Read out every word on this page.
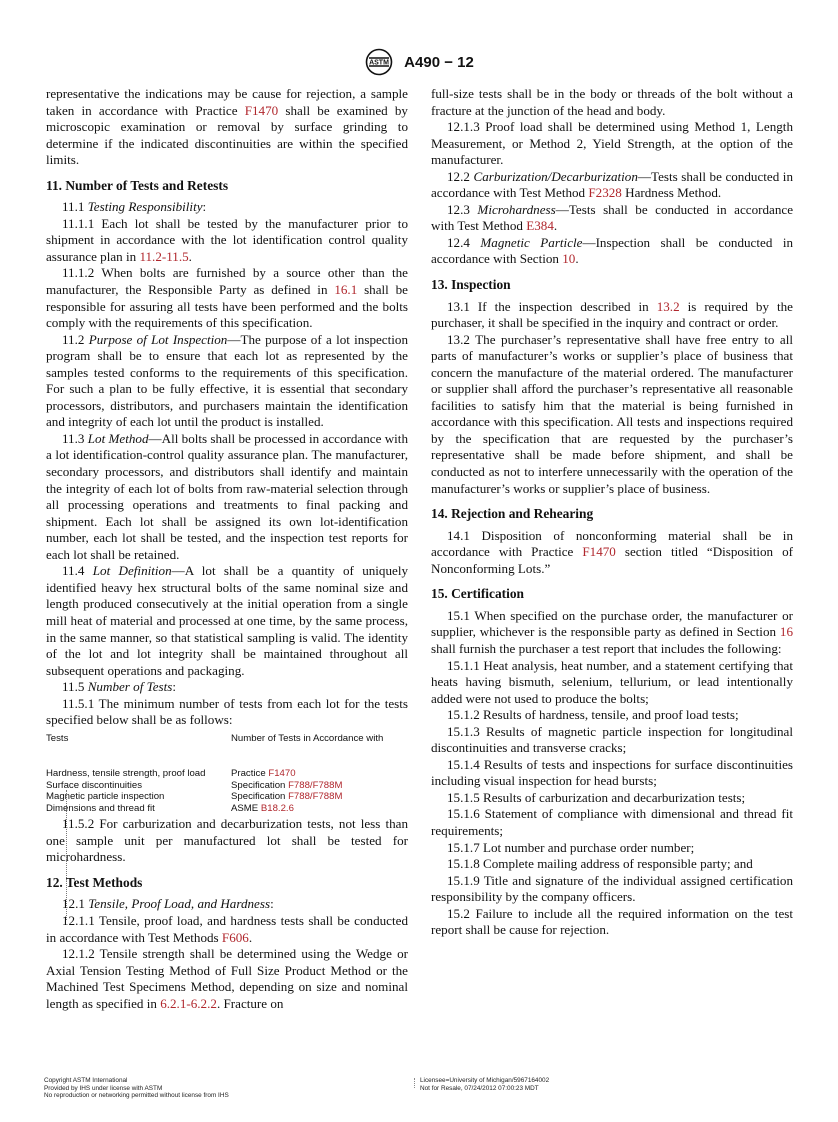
ASTM A490 − 12

representative the indications may be cause for rejection, a sample taken in accordance with Practice F1470 shall be examined by microscopic examination or removal by surface grinding to determine if the indicated discontinuities are within the specified limits.

11. Number of Tests and Retests

11.1 Testing Responsibility:

11.1.1 Each lot shall be tested by the manufacturer prior to shipment in accordance with the lot identification control quality assurance plan in 11.2-11.5.

11.1.2 When bolts are furnished by a source other than the manufacturer, the Responsible Party as defined in 16.1 shall be responsible for assuring all tests have been performed and the bolts comply with the requirements of this specification.

11.2 Purpose of Lot Inspection—The purpose of a lot inspection program shall be to ensure that each lot as represented by the samples tested conforms to the requirements of this specification. For such a plan to be fully effective, it is essential that secondary processors, distributors, and purchasers maintain the identification and integrity of each lot until the product is installed.

11.3 Lot Method—All bolts shall be processed in accordance with a lot identification-control quality assurance plan. The manufacturer, secondary processors, and distributors shall identify and maintain the integrity of each lot of bolts from raw-material selection through all processing operations and treatments to final packing and shipment. Each lot shall be assigned its own lot-identification number, each lot shall be tested, and the inspection test reports for each lot shall be retained.

11.4 Lot Definition—A lot shall be a quantity of uniquely identified heavy hex structural bolts of the same nominal size and length produced consecutively at the initial operation from a single mill heat of material and processed at one time, by the same process, in the same manner, so that statistical sampling is valid. The identity of the lot and lot integrity shall be maintained throughout all subsequent operations and packaging.

11.5 Number of Tests:

11.5.1 The minimum number of tests from each lot for the tests specified below shall be as follows:

Tests	Number of Tests in Accordance with

Hardness, tensile strength, proof load	Practice F1470
Surface discontinuities	Specification F788/F788M
Magnetic particle inspection	Specification F788/F788M
Dimensions and thread fit	ASME B18.2.6

11.5.2 For carburization and decarburization tests, not less than one sample unit per manufactured lot shall be tested for microhardness.

12. Test Methods

12.1 Tensile, Proof Load, and Hardness:

12.1.1 Tensile, proof load, and hardness tests shall be conducted in accordance with Test Methods F606.

12.1.2 Tensile strength shall be determined using the Wedge or Axial Tension Testing Method of Full Size Product Method or the Machined Test Specimens Method, depending on size and nominal length as specified in 6.2.1-6.2.2. Fracture on

full-size tests shall be in the body or threads of the bolt without a fracture at the junction of the head and body.

12.1.3 Proof load shall be determined using Method 1, Length Measurement, or Method 2, Yield Strength, at the option of the manufacturer.

12.2 Carburization/Decarburization—Tests shall be conducted in accordance with Test Method F2328 Hardness Method.

12.3 Microhardness—Tests shall be conducted in accordance with Test Method E384.

12.4 Magnetic Particle—Inspection shall be conducted in accordance with Section 10.

13. Inspection

13.1 If the inspection described in 13.2 is required by the purchaser, it shall be specified in the inquiry and contract or order.

13.2 The purchaser’s representative shall have free entry to all parts of manufacturer’s works or supplier’s place of business that concern the manufacture of the material ordered. The manufacturer or supplier shall afford the purchaser’s representative all reasonable facilities to satisfy him that the material is being furnished in accordance with this specification. All tests and inspections required by the specification that are requested by the purchaser’s representative shall be made before shipment, and shall be conducted as not to interfere unnecessarily with the operation of the manufacturer’s works or supplier’s place of business.

14. Rejection and Rehearing

14.1 Disposition of nonconforming material shall be in accordance with Practice F1470 section titled “Disposition of Nonconforming Lots.”

15. Certification

15.1 When specified on the purchase order, the manufacturer or supplier, whichever is the responsible party as defined in Section 16 shall furnish the purchaser a test report that includes the following:

15.1.1 Heat analysis, heat number, and a statement certifying that heats having bismuth, selenium, tellurium, or lead intentionally added were not used to produce the bolts;

15.1.2 Results of hardness, tensile, and proof load tests;

15.1.3 Results of magnetic particle inspection for longitudinal discontinuities and transverse cracks;

15.1.4 Results of tests and inspections for surface discontinuities including visual inspection for head bursts;

15.1.5 Results of carburization and decarburization tests;

15.1.6 Statement of compliance with dimensional and thread fit requirements;

15.1.7 Lot number and purchase order number;

15.1.8 Complete mailing address of responsible party; and

15.1.9 Title and signature of the individual assigned certification responsibility by the company officers.

15.2 Failure to include all the required information on the test report shall be cause for rejection.

Copyright ASTM International
Provided by IHS under license with ASTM
No reproduction or networking permitted without license from IHS
Licensee=University of Michigan/5967164002
Not for Resale, 07/24/2012 07:00:23 MDT
